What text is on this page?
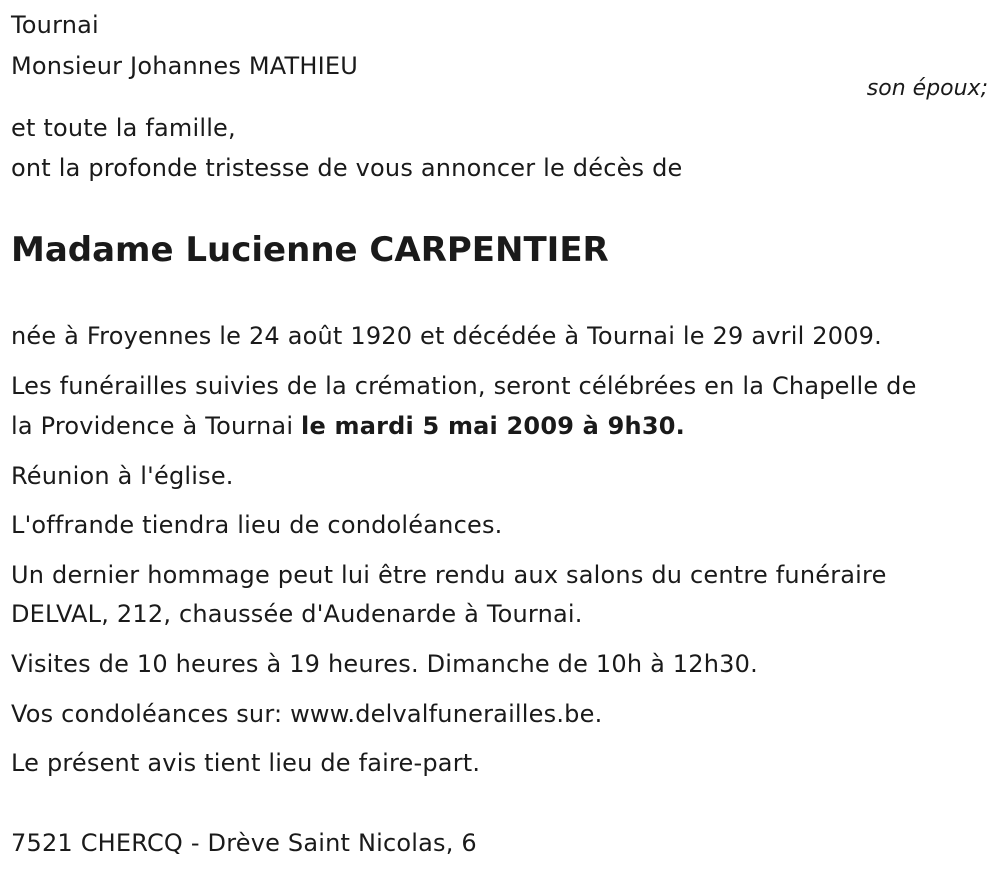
Tournai
Monsieur Johannes MATHIEU
son époux;
et toute la famille,
ont la profonde tristesse de vous annoncer le décès de
Madame Lucienne CARPENTIER
née à Froyennes le 24 août 1920 et décédée à Tournai le 29 avril 2009.
Les funérailles suivies de la crémation, seront célébrées en la Chapelle de
la Providence à Tournai le mardi 5 mai 2009 à 9h30.
Réunion à l'église.
L'offrande tiendra lieu de condoléances.
Un dernier hommage peut lui être rendu aux salons du centre funéraire
DELVAL, 212, chaussée d'Audenarde à Tournai.
Visites de 10 heures à 19 heures. Dimanche de 10h à 12h30.
Vos condoléances sur: www.delvalfunerailles.be.
Le présent avis tient lieu de faire-part.
7521 CHERCQ - Drève Saint Nicolas, 6
